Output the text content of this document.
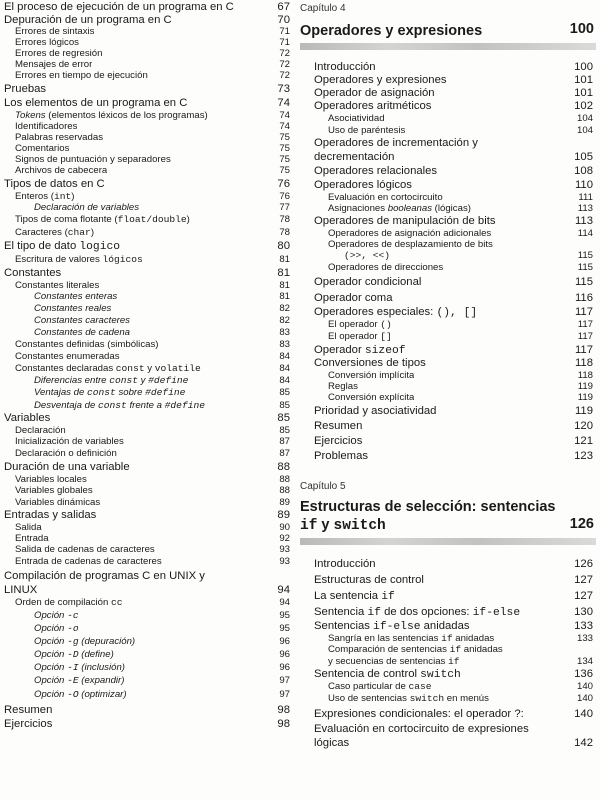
El proceso de ejecución de un programa en C	67
Depuración de un programa en C	70
Errores de sintaxis	71
Errores lógicos	71
Errores de regresión	72
Mensajes de error	72
Errores en tiempo de ejecución	72
Pruebas	73
Los elementos de un programa en C	74
Tokens (elementos léxicos de los programas)	74
Identificadores	74
Palabras reservadas	75
Comentarios	75
Signos de puntuación y separadores	75
Archivos de cabecera	75
Tipos de datos en C	76
Enteros (int)	76
Declaración de variables	77
Tipos de coma flotante (float/double)	78
Caracteres (char)	78
El tipo de dato logico	80
Escritura de valores lógicos	81
Constantes	81
Constantes literales	81
Constantes enteras	81
Constantes reales	82
Constantes caracteres	82
Constantes de cadena	83
Constantes definidas (simbólicas)	83
Constantes enumeradas	84
Constantes declaradas const y volatile	84
Diferencias entre const y #define	84
Ventajas de const sobre #define	85
Desventaja de const frente a #define	85
Variables	85
Declaración	85
Inicialización de variables	87
Declaración o definición	87
Duración de una variable	88
Variables locales	88
Variables globales	88
Variables dinámicas	89
Entradas y salidas	89
Salida	90
Entrada	92
Salida de cadenas de caracteres	93
Entrada de cadenas de caracteres	93
Compilación de programas C en UNIX y
LINUX	94
Orden de compilación cc	94
Opción -c	95
Opción -o	95
Opción -g (depuración)	96
Opción -D (define)	96
Opción -I (inclusión)	96
Opción -E (expandir)	97
Opción -O (optimizar)	97
Resumen	98
Ejercicios	98
Capítulo 4
Operadores y expresiones	100
Introducción	100
Operadores y expresiones	101
Operador de asignación	101
Operadores aritméticos	102
Asociatividad	104
Uso de paréntesis	104
Operadores de incrementación y
decrementación	105
Operadores relacionales	108
Operadores lógicos	110
Evaluación en cortocircuito	111
Asignaciones booleanas (lógicas)	113
Operadores de manipulación de bits	113
Operadores de asignación adicionales	114
Operadores de desplazamiento de bits
(>>, <<)	115
Operadores de direcciones	115
Operador condicional	115
Operador coma	116
Operadores especiales: (), []	117
El operador ()	117
El operador []	117
Operador sizeof	117
Conversiones de tipos	118
Conversión implícita	118
Reglas	119
Conversión explícita	119
Prioridad y asociatividad	119
Resumen	120
Ejercicios	121
Problemas	123
Capítulo 5
Estructuras de selección: sentencias
if y switch	126
Introducción	126
Estructuras de control	127
La sentencia if	127
Sentencia if de dos opciones: if-else	130
Sentencias if-else anidadas	133
Sangría en las sentencias if anidadas	133
Comparación de sentencias if anidadas
y secuencias de sentencias if	134
Sentencia de control switch	136
Caso particular de case	140
Uso de sentencias switch en menús	140
Expresiones condicionales: el operador ?:	140
Evaluación en cortocircuito de expresiones
lógicas	142
